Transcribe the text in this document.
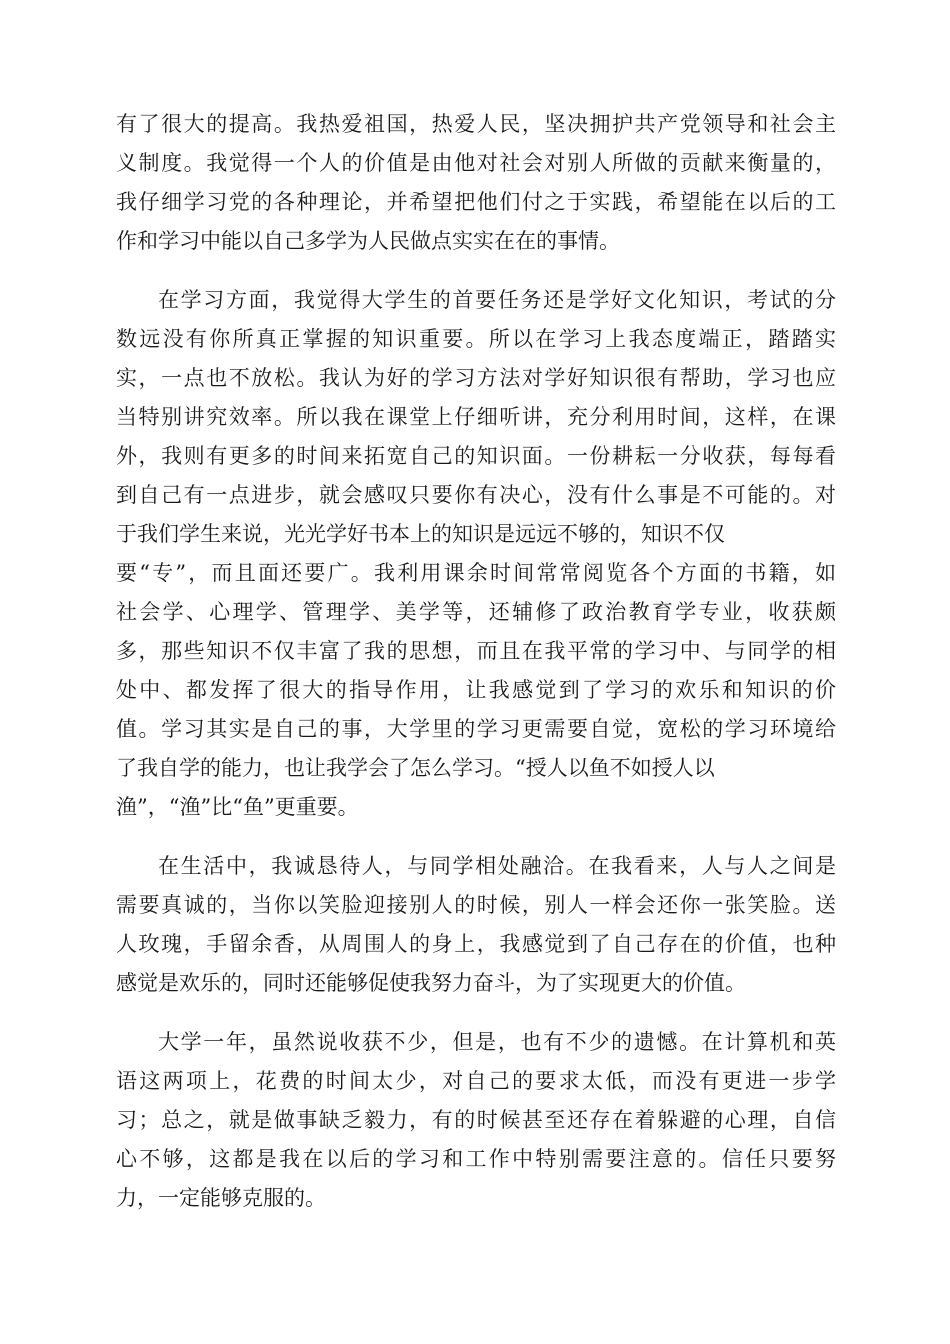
有了很大的提高。我热爱祖国，热爱人民，坚决拥护共产党领导和社会主
义制度。我觉得一个人的价值是由他对社会对别人所做的贡献来衡量的，
我仔细学习党的各种理论，并希望把他们付之于实践，希望能在以后的工
作和学习中能以自己多学为人民做点实实在在的事情。
在学习方面，我觉得大学生的首要任务还是学好文化知识，考试的分
数远没有你所真正掌握的知识重要。所以在学习上我态度端正，踏踏实
实，一点也不放松。我认为好的学习方法对学好知识很有帮助，学习也应
当特别讲究效率。所以我在课堂上仔细听讲，充分利用时间，这样，在课
外，我则有更多的时间来拓宽自己的知识面。一份耕耘一分收获，每每看
到自己有一点进步，就会感叹只要你有决心，没有什么事是不可能的。对
于我们学生来说，光光学好书本上的知识是远远不够的，知识不仅
要“专”，而且面还要广。我利用课余时间常常阅览各个方面的书籍，如
社会学、心理学、管理学、美学等，还辅修了政治教育学专业，收获颇
多，那些知识不仅丰富了我的思想，而且在我平常的学习中、与同学的相
处中、都发挥了很大的指导作用，让我感觉到了学习的欢乐和知识的价
值。学习其实是自己的事，大学里的学习更需要自觉，宽松的学习环境给
了我自学的能力，也让我学会了怎么学习。“授人以鱼不如授人以
渔”，“渔”比“鱼”更重要。
在生活中，我诚恳待人，与同学相处融洽。在我看来，人与人之间是
需要真诚的，当你以笑脸迎接别人的时候，别人一样会还你一张笑脸。送
人玫瑰，手留余香，从周围人的身上，我感觉到了自己存在的价值，也种
感觉是欢乐的，同时还能够促使我努力奋斗，为了实现更大的价值。
大学一年，虽然说收获不少，但是，也有不少的遗憾。在计算机和英
语这两项上，花费的时间太少，对自己的要求太低，而没有更进一步学
习；总之，就是做事缺乏毅力，有的时候甚至还存在着躲避的心理，自信
心不够，这都是我在以后的学习和工作中特别需要注意的。信任只要努
力，一定能够克服的。
